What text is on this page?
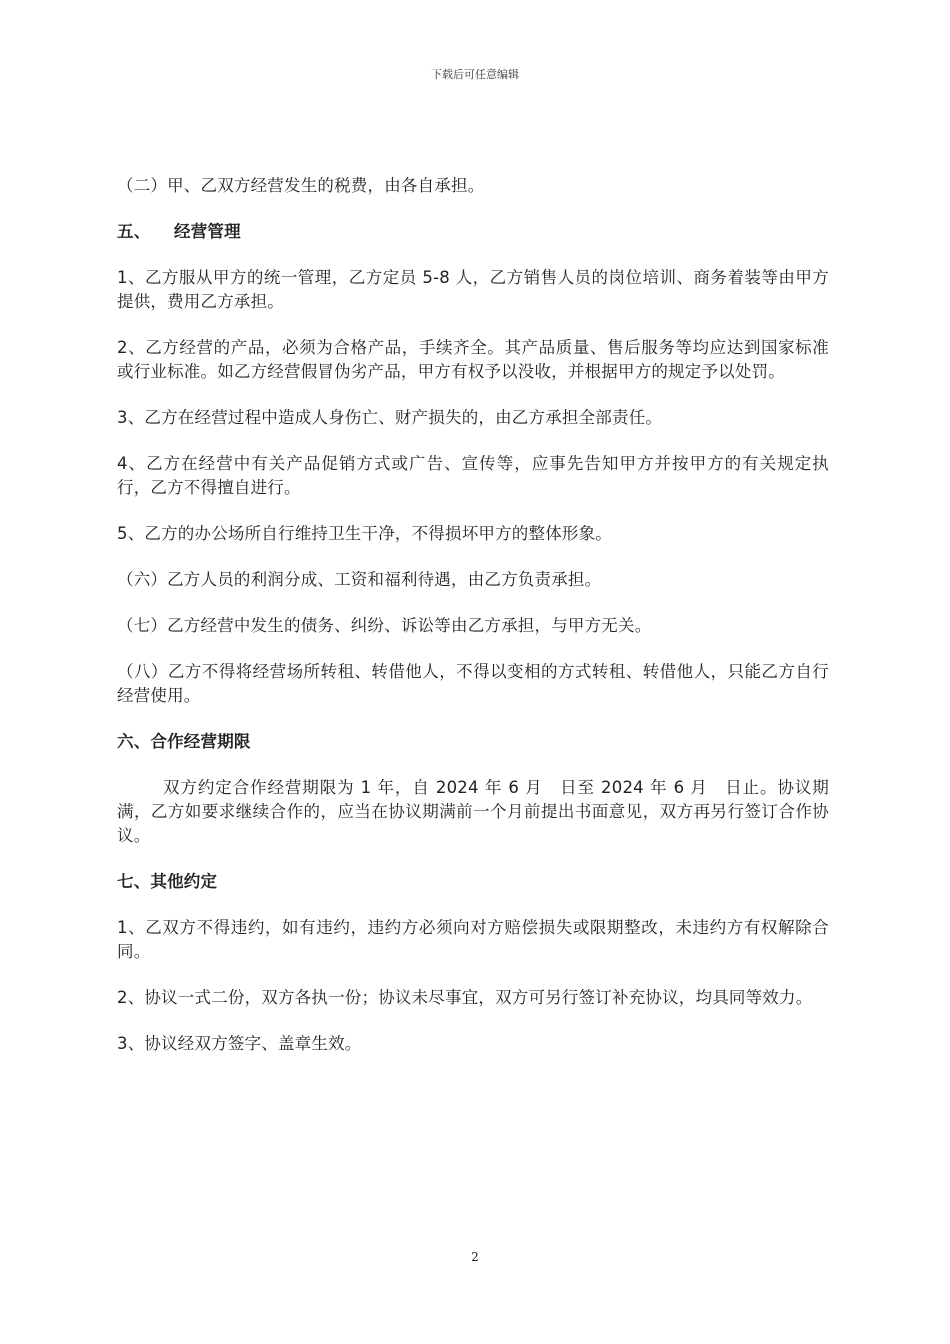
下载后可任意编辑

（二）甲、乙双方经营发生的税费，由各自承担。

五、 经营管理

1、乙方服从甲方的统一管理，乙方定员 5-8 人，乙方销售人员的岗位培训、商务着装等由甲方提供，费用乙方承担。

2、乙方经营的产品，必须为合格产品，手续齐全。其产品质量、售后服务等均应达到国家标准或行业标准。如乙方经营假冒伪劣产品，甲方有权予以没收，并根据甲方的规定予以处罚。

3、乙方在经营过程中造成人身伤亡、财产损失的，由乙方承担全部责任。

4、乙方在经营中有关产品促销方式或广告、宣传等，应事先告知甲方并按甲方的有关规定执行，乙方不得擅自进行。

5、乙方的办公场所自行维持卫生干净，不得损坏甲方的整体形象。

（六）乙方人员的利润分成、工资和福利待遇，由乙方负责承担。

（七）乙方经营中发生的债务、纠纷、诉讼等由乙方承担，与甲方无关。

（八）乙方不得将经营场所转租、转借他人，不得以变相的方式转租、转借他人，只能乙方自行经营使用。

六、合作经营期限

双方约定合作经营期限为 1 年，自 2024 年 6 月　日至 2024 年 6 月　日止。协议期满，乙方如要求继续合作的，应当在协议期满前一个月前提出书面意见，双方再另行签订合作协议。

七、其他约定

1、乙双方不得违约，如有违约，违约方必须向对方赔偿损失或限期整改，未违约方有权解除合同。

2、协议一式二份，双方各执一份；协议未尽事宜，双方可另行签订补充协议，均具同等效力。

3、协议经双方签字、盖章生效。

2
